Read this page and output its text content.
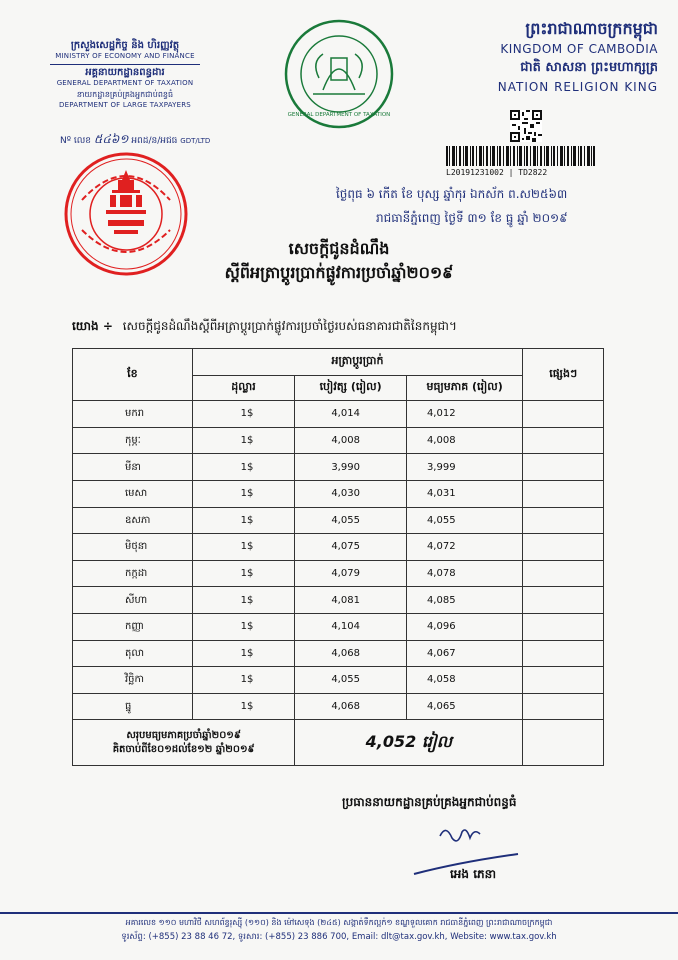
ក្រសួងសេដ្ឋកិច្ច និង ហិរញ្ញវត្ថុ
MINISTRY OF ECONOMY AND FINANCE
អគ្គនាយកដ្ឋានពន្ធដារ
GENERAL DEPARTMENT OF TAXATION
នាយកដ្ឋានគ្រប់គ្រងអ្នកជាប់ពន្ធធំ
DEPARTMENT OF LARGE TAXPAYERS
Nº លេខ ៥៤៦១ អពដ/ន/អជធ GDT/LTD
GENERAL DEPARTMENT OF TAXATION
ព្រះរាជាណាចក្រកម្ពុជា
KINGDOM OF CAMBODIA
ជាតិ សាសនា ព្រះមហាក្សត្រ
NATION RELIGION KING
L20191231002 | TD2822
ថ្ងៃពុធ ៦ កើត ខែ បុស្ស ឆ្នាំកុរ ឯកស័ក ព.ស២៥៦៣
រាជធានីភ្នំពេញ ថ្ងៃទី ៣១ ខែ ធ្នូ ឆ្នាំ ២០១៩
សេចក្តីជូនដំណឹង
ស្តីពីអត្រាប្តូរប្រាក់ផ្លូវការប្រចាំឆ្នាំ២០១៩
យោង ÷ សេចក្តីជូនដំណឹងស្តីពីអត្រាប្តូរប្រាក់ផ្លូវការប្រចាំថ្ងៃរបស់ធនាគារជាតិនៃកម្ពុជា។
ខែ	អត្រាប្តូរប្រាក់			ផ្សេងៗ
	ដុល្លារ	បៀវត្ស (រៀល)	មធ្យមភាគ (រៀល)	
មករា	1$	4,014	4,012	
កុម្ភៈ	1$	4,008	4,008	
មីនា	1$	3,990	3,999	
មេសា	1$	4,030	4,031	
ឧសភា	1$	4,055	4,055	
មិថុនា	1$	4,075	4,072	
កក្កដា	1$	4,079	4,078	
សីហា	1$	4,081	4,085	
កញ្ញា	1$	4,104	4,096	
តុលា	1$	4,068	4,067	
វិច្ឆិកា	1$	4,055	4,058	
ធ្នូ	1$	4,068	4,065	

សរុបមធ្យមភាគប្រចាំឆ្នាំ២០១៩
គិតចាប់ពីខែ០១ដល់ខែ១២ ឆ្នាំ២០១៩		4,052 រៀល		
ប្រធាននាយកដ្ឋានគ្រប់គ្រងអ្នកជាប់ពន្ធធំ
អេង ភេនា
អគារលេខ ១១០ មហាវិថី សហព័ន្ធរុស្ស៊ី (១១០) និង ម៉ៅសេទុង (២៤៥) សង្កាត់ទឹកល្អក់១ ខណ្ឌទួលគោក រាជធានីភ្នំពេញ ព្រះរាជាណាចក្រកម្ពុជា
ទូរស័ព្ទ: (+855) 23 88 46 72, ទូរសារ: (+855) 23 886 700, Email: dlt@tax.gov.kh, Website: www.tax.gov.kh
